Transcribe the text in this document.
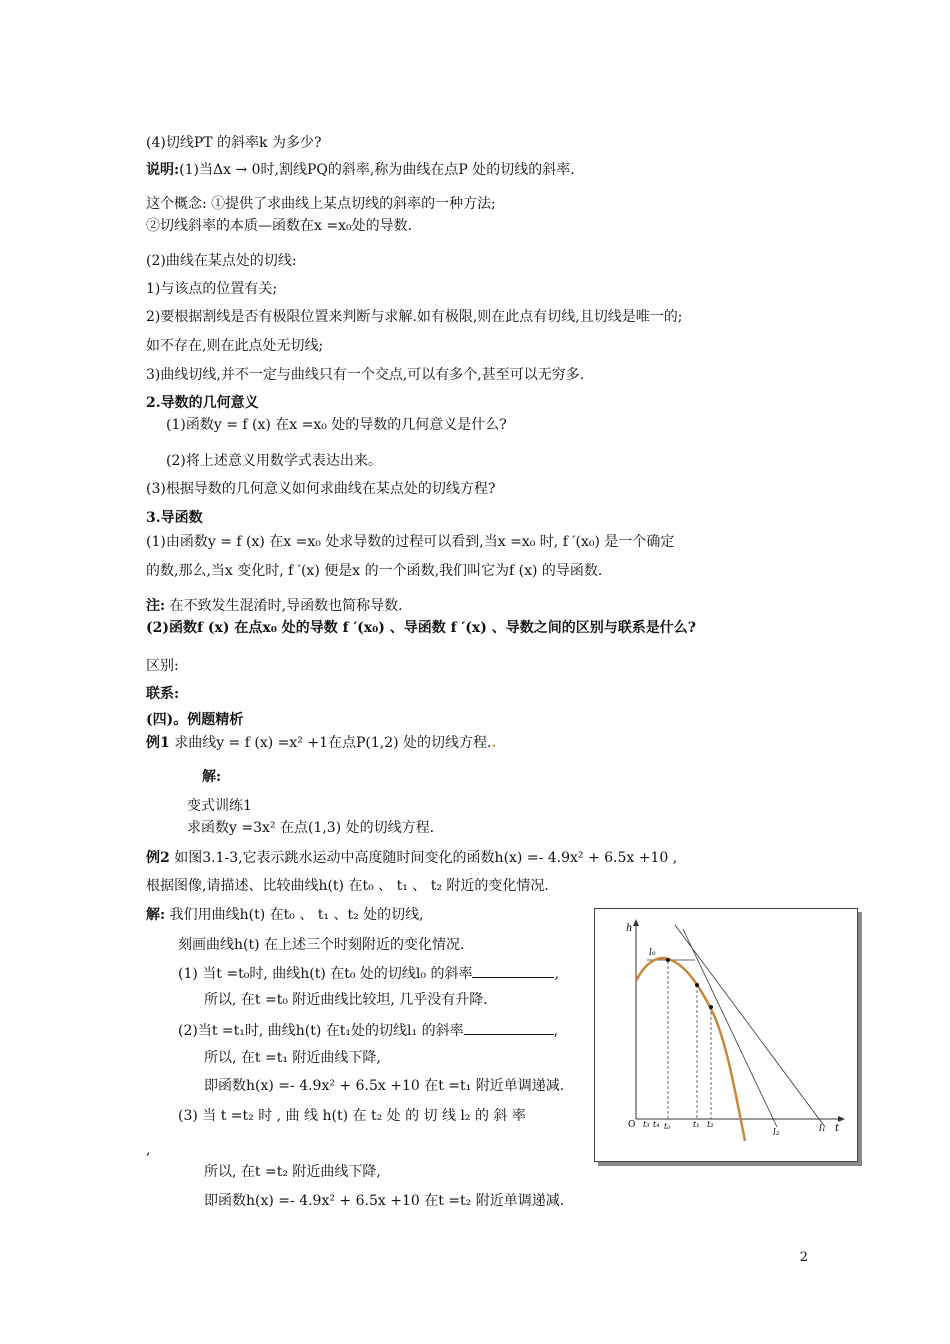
(4)切线PT 的斜率k 为多少?
说明:(1)当Δx → 0时,割线PQ的斜率,称为曲线在点P 处的切线的斜率.
这个概念: ①提供了求曲线上某点切线的斜率的一种方法;
②切线斜率的本质—函数在x =x₀处的导数.
(2)曲线在某点处的切线:
1)与该点的位置有关;
2)要根据割线是否有极限位置来判断与求解.如有极限,则在此点有切线,且切线是唯一的;
如不存在,则在此点处无切线;
3)曲线切线,并不一定与曲线只有一个交点,可以有多个,甚至可以无穷多.
2.导数的几何意义
(1)函数y = f (x) 在x =x₀ 处的导数的几何意义是什么?
(2)将上述意义用数学式表达出来。
(3)根据导数的几何意义如何求曲线在某点处的切线方程?
3.导函数
(1)由函数y = f (x) 在x =x₀ 处求导数的过程可以看到,当x =x₀ 时, f ′(x₀) 是一个确定
的数,那么,当x 变化时, f ′(x) 便是x 的一个函数,我们叫它为f (x) 的导函数.
注: 在不致发生混淆时,导函数也简称导数.
(2)函数f (x) 在点x₀ 处的导数 f ′(x₀) 、导函数 f ′(x) 、导数之间的区别与联系是什么?
区别:
联系:
(四)。例题精析
例1 求曲线y = f (x) =x² +1在点P(1,2) 处的切线方程..
解:
变式训练1
求函数y =3x² 在点(1,3) 处的切线方程.
例2 如图3.1-3,它表示跳水运动中高度随时间变化的函数h(x) =- 4.9x² + 6.5x +10 ,
根据图像,请描述、比较曲线h(t) 在t₀ 、 t₁ 、 t₂ 附近的变化情况.
解: 我们用曲线h(t) 在t₀ 、 t₁ 、t₂ 处的切线,
刻画曲线h(t) 在上述三个时刻附近的变化情况.
(1) 当t =t₀时, 曲线h(t) 在t₀ 处的切线l₀ 的斜率	,
所以, 在t =t₀ 附近曲线比较坦, 几乎没有升降.
(2)当t =t₁时, 曲线h(t) 在t₁处的切线l₁ 的斜率	,
所以, 在t =t₁ 附近曲线下降,
即函数h(x) =- 4.9x² + 6.5x +10 在t =t₁ 附近单调递减.
(3) 当 t =t₂ 时 , 曲 线 h(t) 在 t₂ 处 的 切 线 l₂ 的 斜 率
,
所以, 在t =t₂ 附近曲线下降,
即函数h(x) =- 4.9x² + 6.5x +10 在t =t₂ 附近单调递减.
h
t
O
l₀
l₁
l₂
t₃ t₄ t₀	t₁ t₂
2
